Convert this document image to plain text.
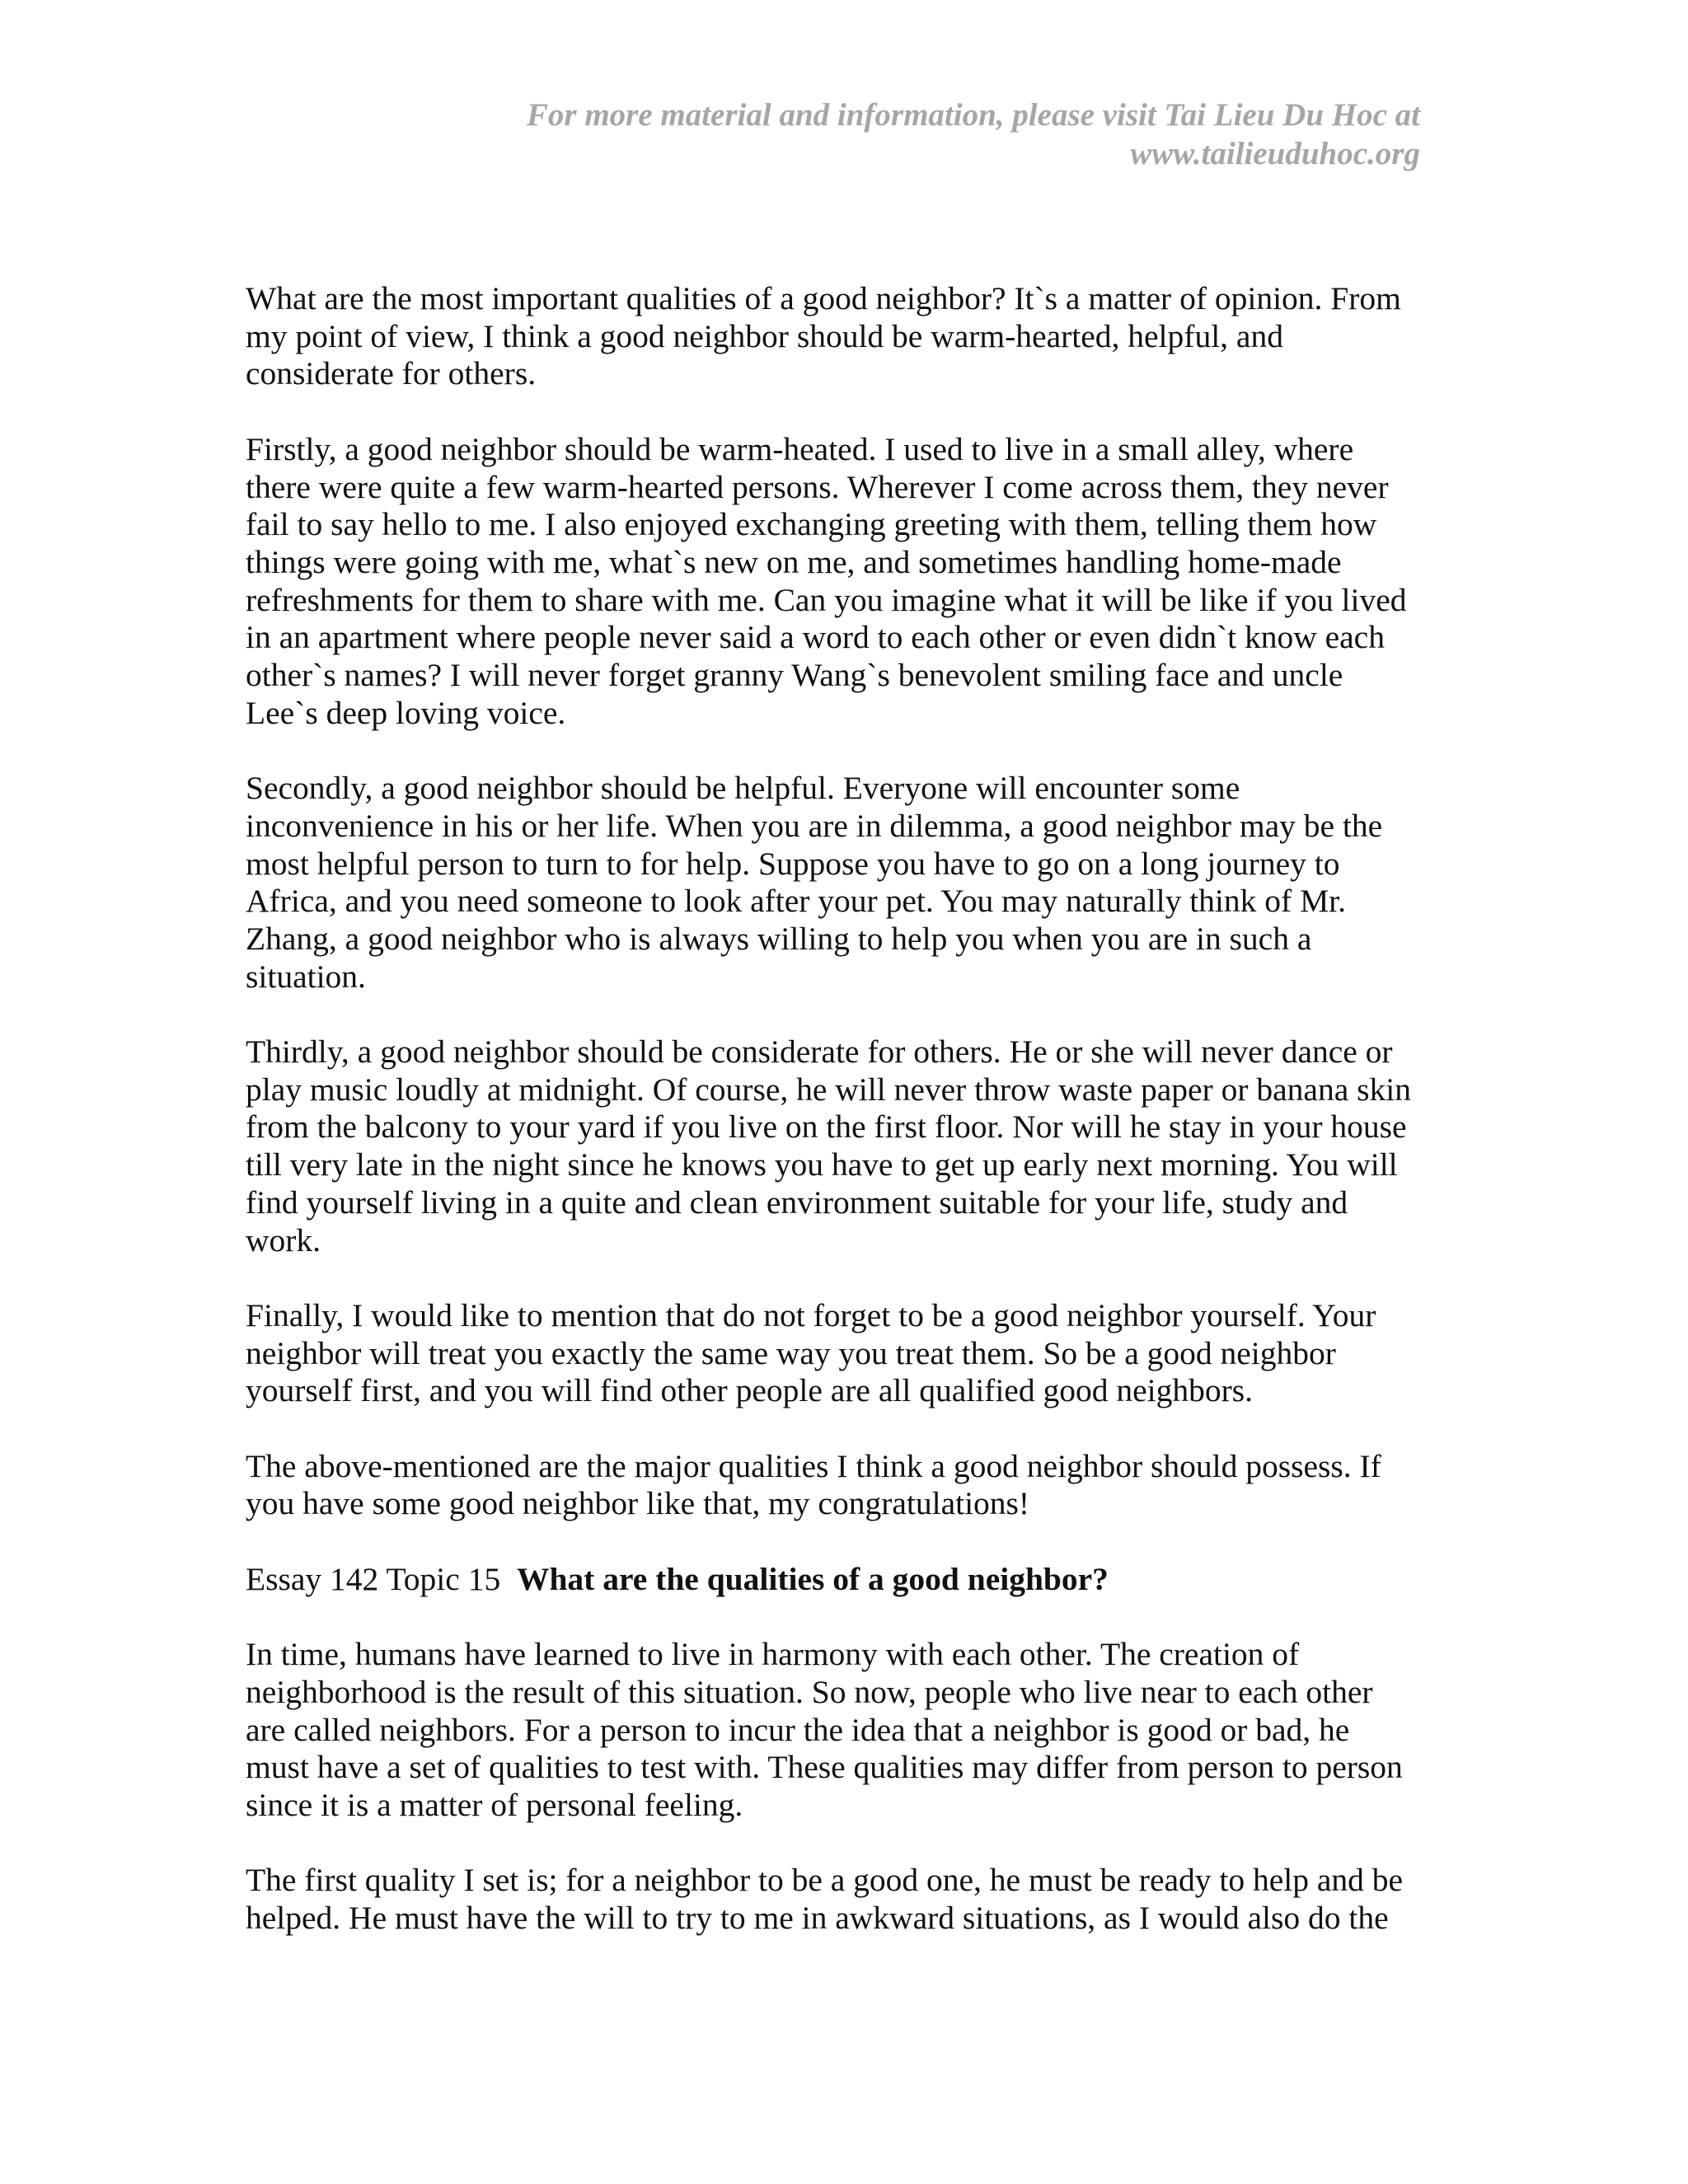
For more material and information, please visit Tai Lieu Du Hoc at
www.tailieuduhoc.org

What are the most important qualities of a good neighbor? It`s a matter of opinion. From
my point of view, I think a good neighbor should be warm-hearted, helpful, and
considerate for others.

Firstly, a good neighbor should be warm-heated. I used to live in a small alley, where
there were quite a few warm-hearted persons. Wherever I come across them, they never
fail to say hello to me. I also enjoyed exchanging greeting with them, telling them how
things were going with me, what`s new on me, and sometimes handling home-made
refreshments for them to share with me. Can you imagine what it will be like if you lived
in an apartment where people never said a word to each other or even didn`t know each
other`s names? I will never forget granny Wang`s benevolent smiling face and uncle
Lee`s deep loving voice.

Secondly, a good neighbor should be helpful. Everyone will encounter some
inconvenience in his or her life. When you are in dilemma, a good neighbor may be the
most helpful person to turn to for help. Suppose you have to go on a long journey to
Africa, and you need someone to look after your pet. You may naturally think of Mr.
Zhang, a good neighbor who is always willing to help you when you are in such a
situation.

Thirdly, a good neighbor should be considerate for others. He or she will never dance or
play music loudly at midnight. Of course, he will never throw waste paper or banana skin
from the balcony to your yard if you live on the first floor. Nor will he stay in your house
till very late in the night since he knows you have to get up early next morning. You will
find yourself living in a quite and clean environment suitable for your life, study and
work.

Finally, I would like to mention that do not forget to be a good neighbor yourself. Your
neighbor will treat you exactly the same way you treat them. So be a good neighbor
yourself first, and you will find other people are all qualified good neighbors.

The above-mentioned are the major qualities I think a good neighbor should possess. If
you have some good neighbor like that, my congratulations!

Essay 142 Topic 15 What are the qualities of a good neighbor?

In time, humans have learned to live in harmony with each other. The creation of
neighborhood is the result of this situation. So now, people who live near to each other
are called neighbors. For a person to incur the idea that a neighbor is good or bad, he
must have a set of qualities to test with. These qualities may differ from person to person
since it is a matter of personal feeling.

The first quality I set is; for a neighbor to be a good one, he must be ready to help and be
helped. He must have the will to try to me in awkward situations, as I would also do the
